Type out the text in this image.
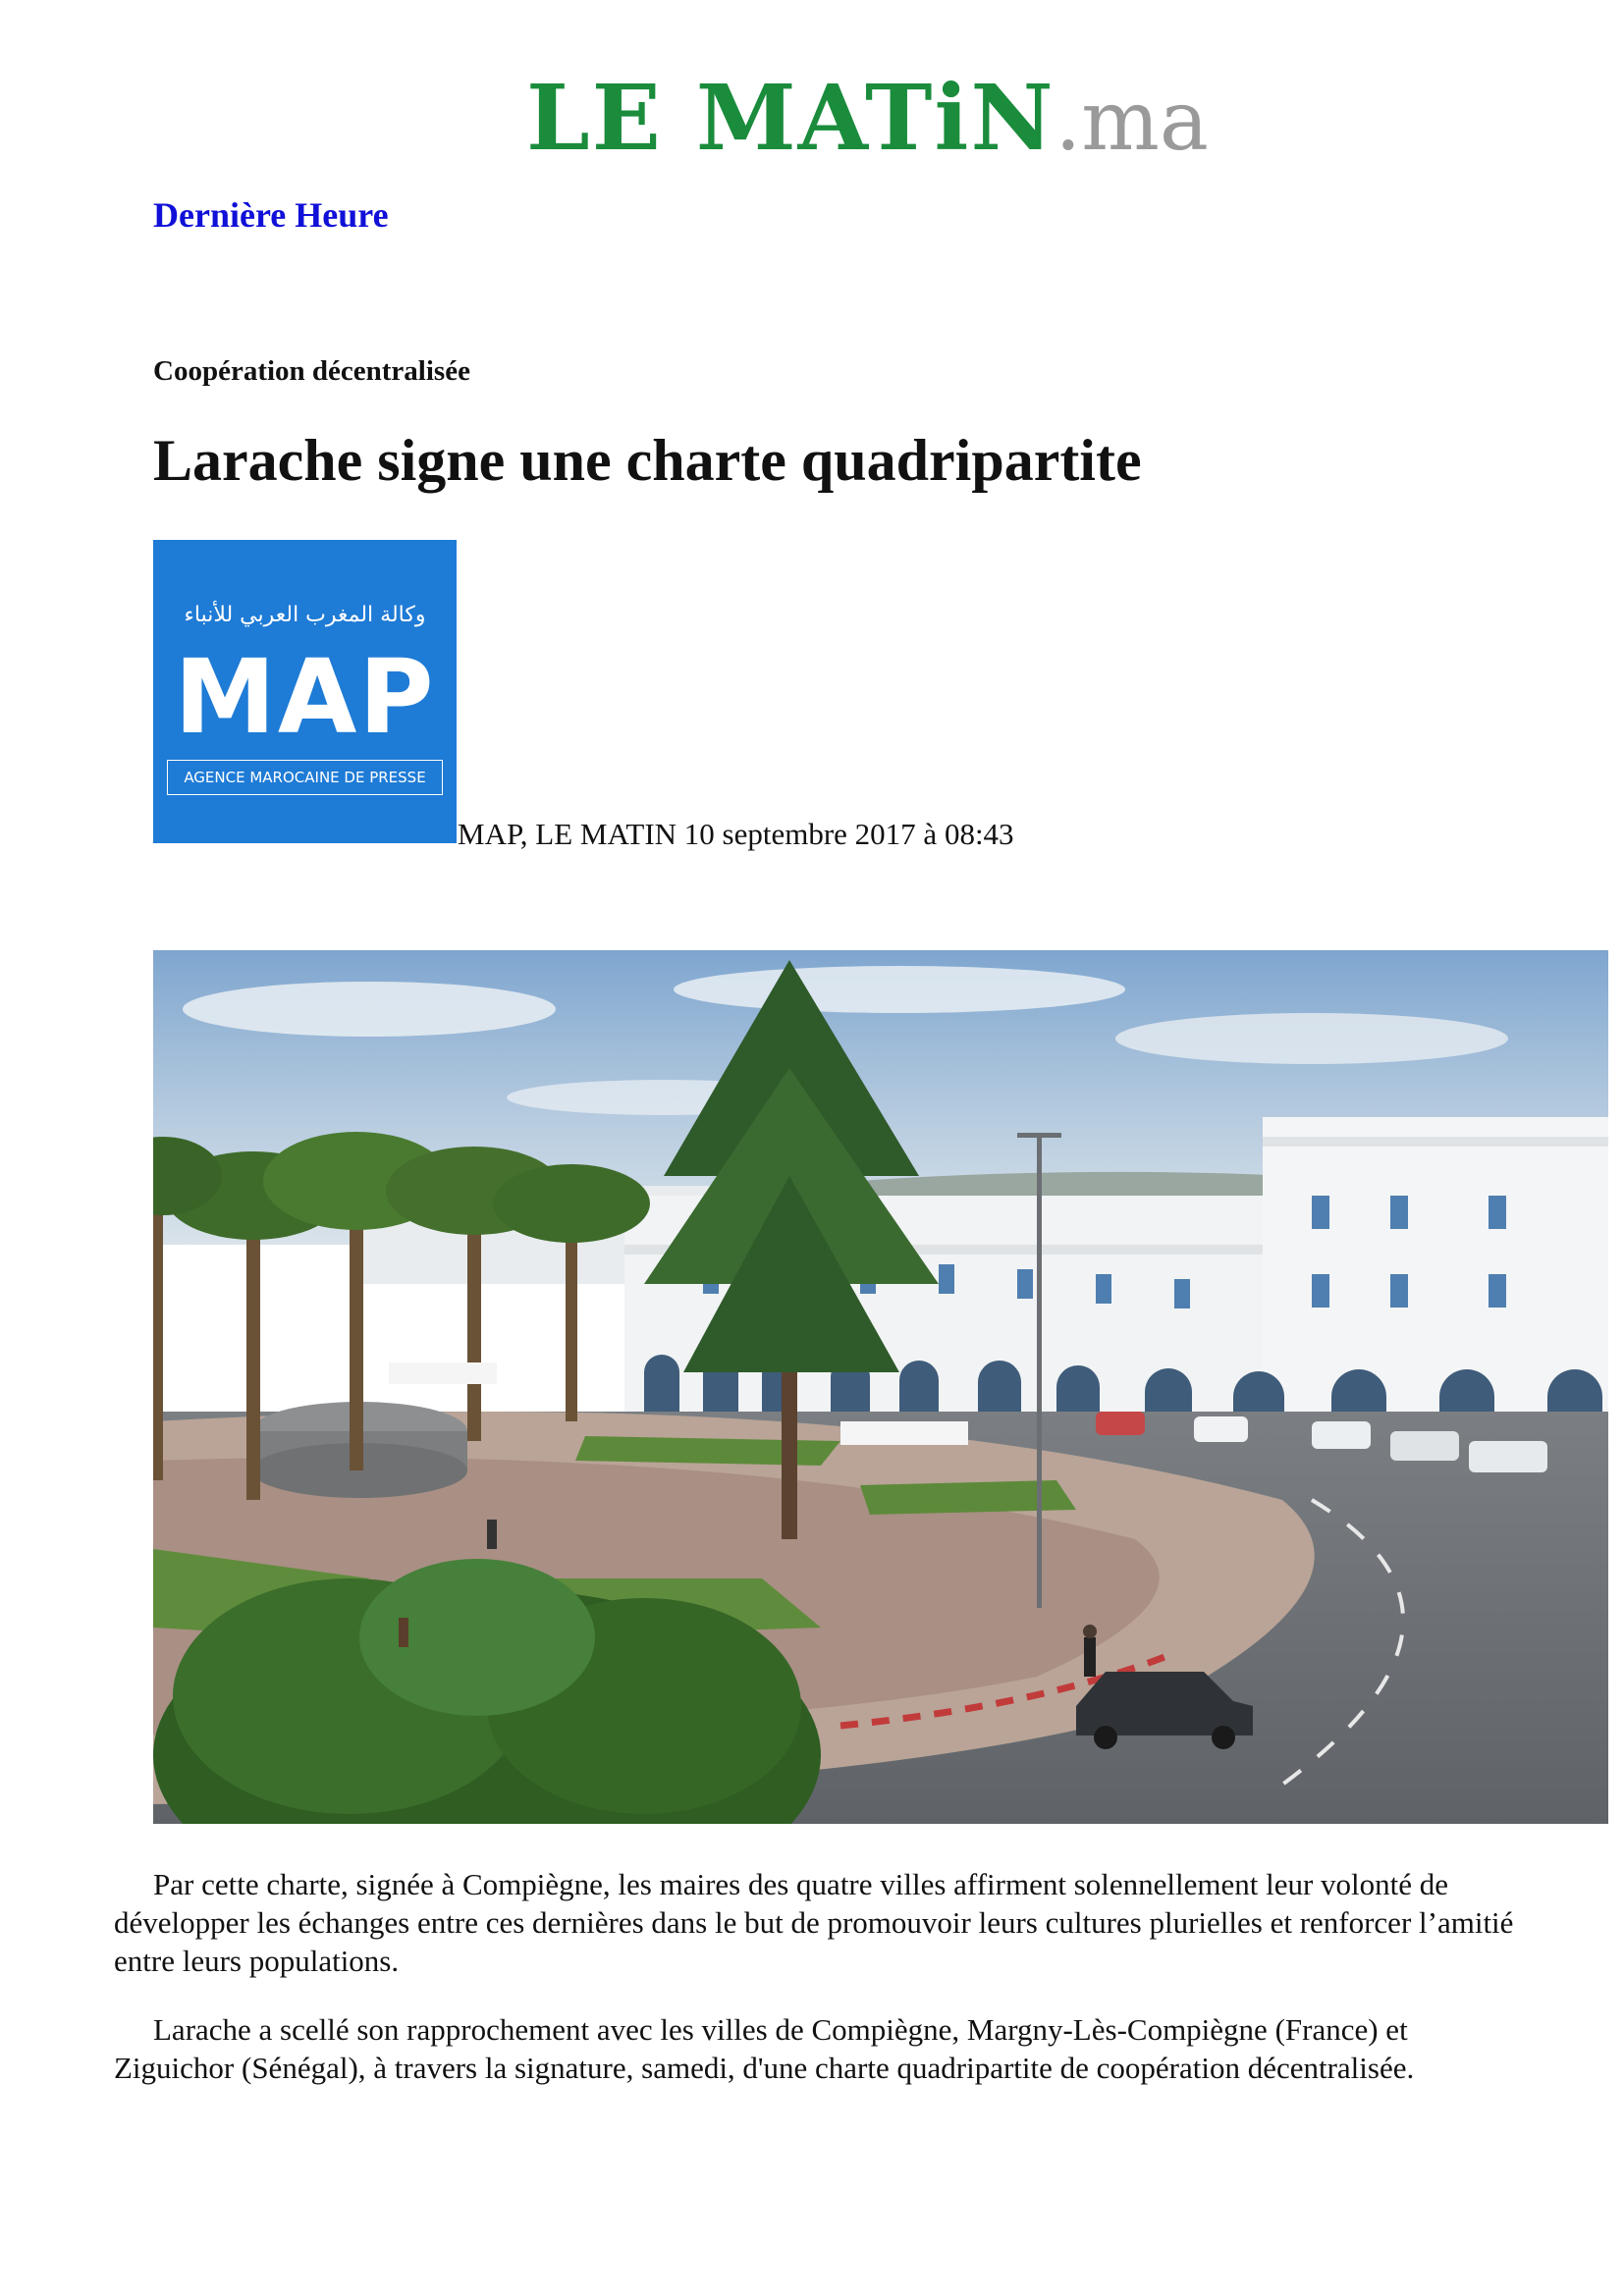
LE MATiN.ma
Dernière Heure
Coopération décentralisée
Larache signe une charte quadripartite
وكالة المغرب العربي للأنباء
MAP
AGENCE MAROCAINE DE PRESSE
MAP, LE MATIN 10 septembre 2017 à 08:43

Par cette charte, signée à Compiègne, les maires des quatre villes affirment solennellement leur volonté de développer les échanges entre ces dernières dans le but de promouvoir leurs cultures plurielles et renforcer l’amitié entre leurs populations.

Larache a scellé son rapprochement avec les villes de Compiègne, Margny-Lès-Compiègne (France) et Ziguichor (Sénégal), à travers la signature, samedi, d'une charte quadripartite de coopération décentralisée.
